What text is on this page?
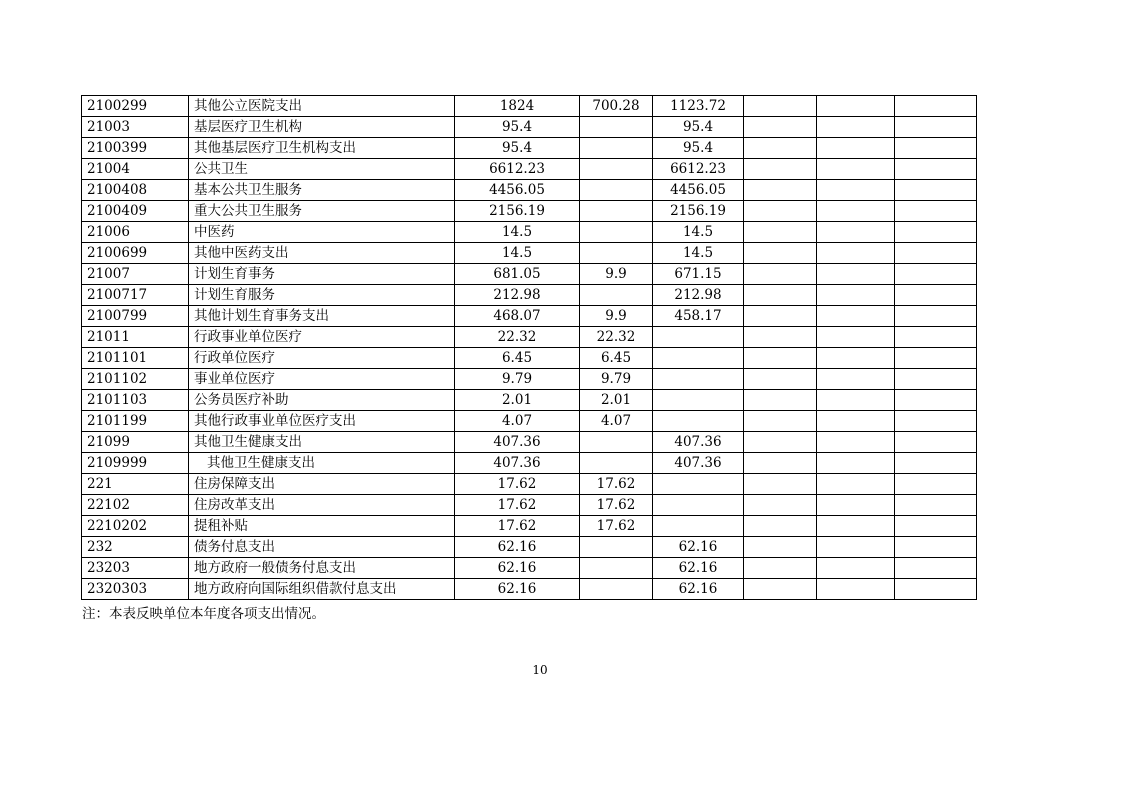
2100299	其他公立医院支出	1824	700.28	1123.72			
21003	基层医疗卫生机构	95.4		95.4			
2100399	其他基层医疗卫生机构支出	95.4		95.4			
21004	公共卫生	6612.23		6612.23			
2100408	基本公共卫生服务	4456.05		4456.05			
2100409	重大公共卫生服务	2156.19		2156.19			
21006	中医药	14.5		14.5			
2100699	其他中医药支出	14.5		14.5			
21007	计划生育事务	681.05	9.9	671.15			
2100717	计划生育服务	212.98		212.98			
2100799	其他计划生育事务支出	468.07	9.9	458.17			
21011	行政事业单位医疗	22.32	22.32				
2101101	行政单位医疗	6.45	6.45				
2101102	事业单位医疗	9.79	9.79				
2101103	公务员医疗补助	2.01	2.01				
2101199	其他行政事业单位医疗支出	4.07	4.07				
21099	其他卫生健康支出	407.36		407.36			
2109999	其他卫生健康支出	407.36		407.36			
221	住房保障支出	17.62	17.62				
22102	住房改革支出	17.62	17.62				
2210202	提租补贴	17.62	17.62				
232	债务付息支出	62.16		62.16			
23203	地方政府一般债务付息支出	62.16		62.16			
2320303	地方政府向国际组织借款付息支出	62.16		62.16			
注：本表反映单位本年度各项支出情况。
10
